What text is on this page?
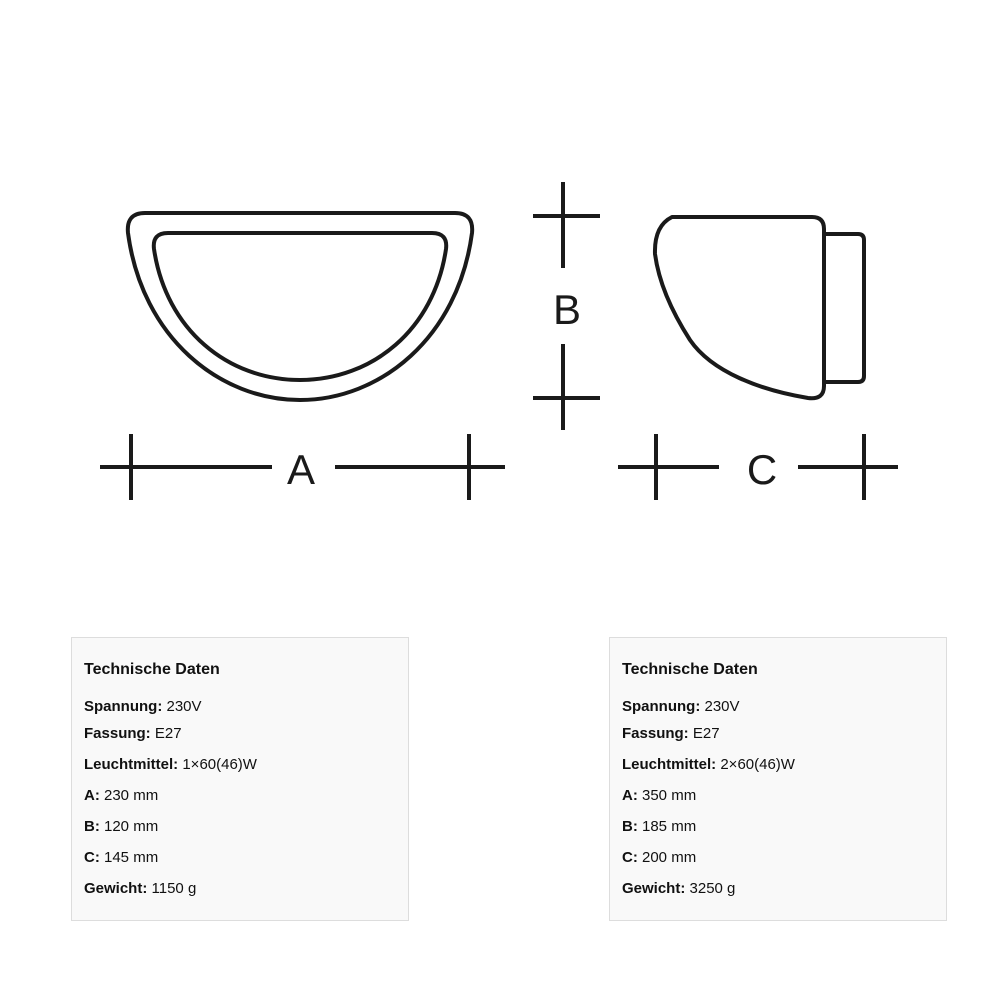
A
B
C
Technische Daten
Spannung: 230V
Fassung: E27
Leuchtmittel: 1×60(46)W
A: 230 mm
B: 120 mm
C: 145 mm
Gewicht: 1150 g
Technische Daten
Spannung: 230V
Fassung: E27
Leuchtmittel: 2×60(46)W
A: 350 mm
B: 185 mm
C: 200 mm
Gewicht: 3250 g
